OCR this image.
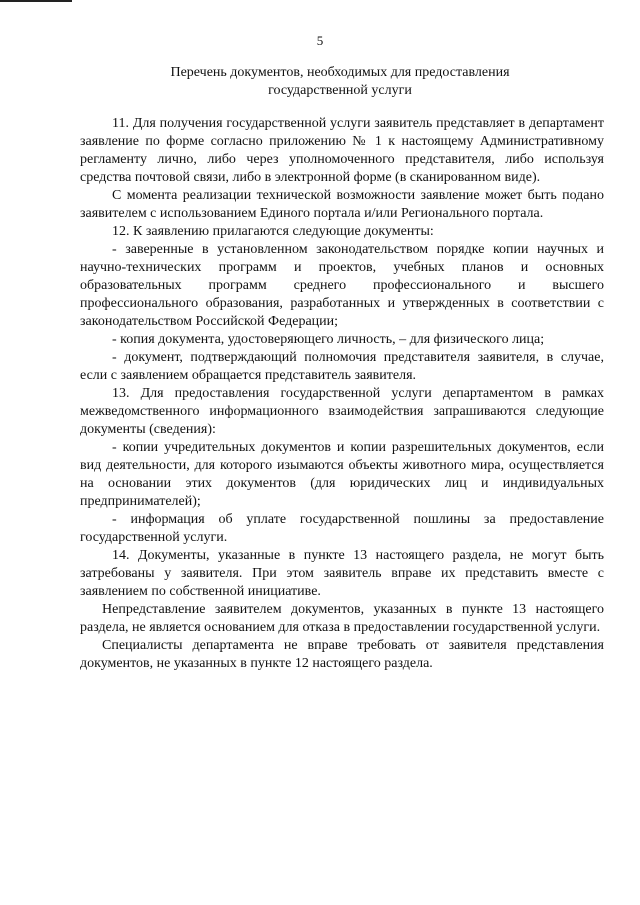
5
Перечень документов, необходимых для предоставления
государственной услуги

11. Для получения государственной услуги заявитель представляет в департамент заявление по форме согласно приложению № 1 к настоящему Административному регламенту лично, либо через уполномоченного представителя, либо используя средства почтовой связи, либо в электронной форме (в сканированном виде).

С момента реализации технической возможности заявление может быть подано заявителем с использованием Единого портала и/или Регионального портала.

12. К заявлению прилагаются следующие документы:

- заверенные в установленном законодательством порядке копии научных и научно-технических программ и проектов, учебных планов и основных образовательных программ среднего профессионального и высшего профессионального образования, разработанных и утвержденных в соответствии с законодательством Российской Федерации;

- копия документа, удостоверяющего личность, – для физического лица;

- документ, подтверждающий полномочия представителя заявителя, в случае, если с заявлением обращается представитель заявителя.

13. Для предоставления государственной услуги департаментом в рамках межведомственного информационного взаимодействия запрашиваются следующие документы (сведения):

- копии учредительных документов и копии разрешительных документов, если вид деятельности, для которого изымаются объекты животного мира, осуществляется на основании этих документов (для юридических лиц и индивидуальных предпринимателей);

- информация об уплате государственной пошлины за предоставление государственной услуги.

14. Документы, указанные в пункте 13 настоящего раздела, не могут быть затребованы у заявителя. При этом заявитель вправе их представить вместе с заявлением по собственной инициативе.

Непредставление заявителем документов, указанных в пункте 13 настоящего раздела, не является основанием для отказа в предоставлении государственной услуги.

Специалисты департамента не вправе требовать от заявителя представления документов, не указанных в пункте 12 настоящего раздела.
